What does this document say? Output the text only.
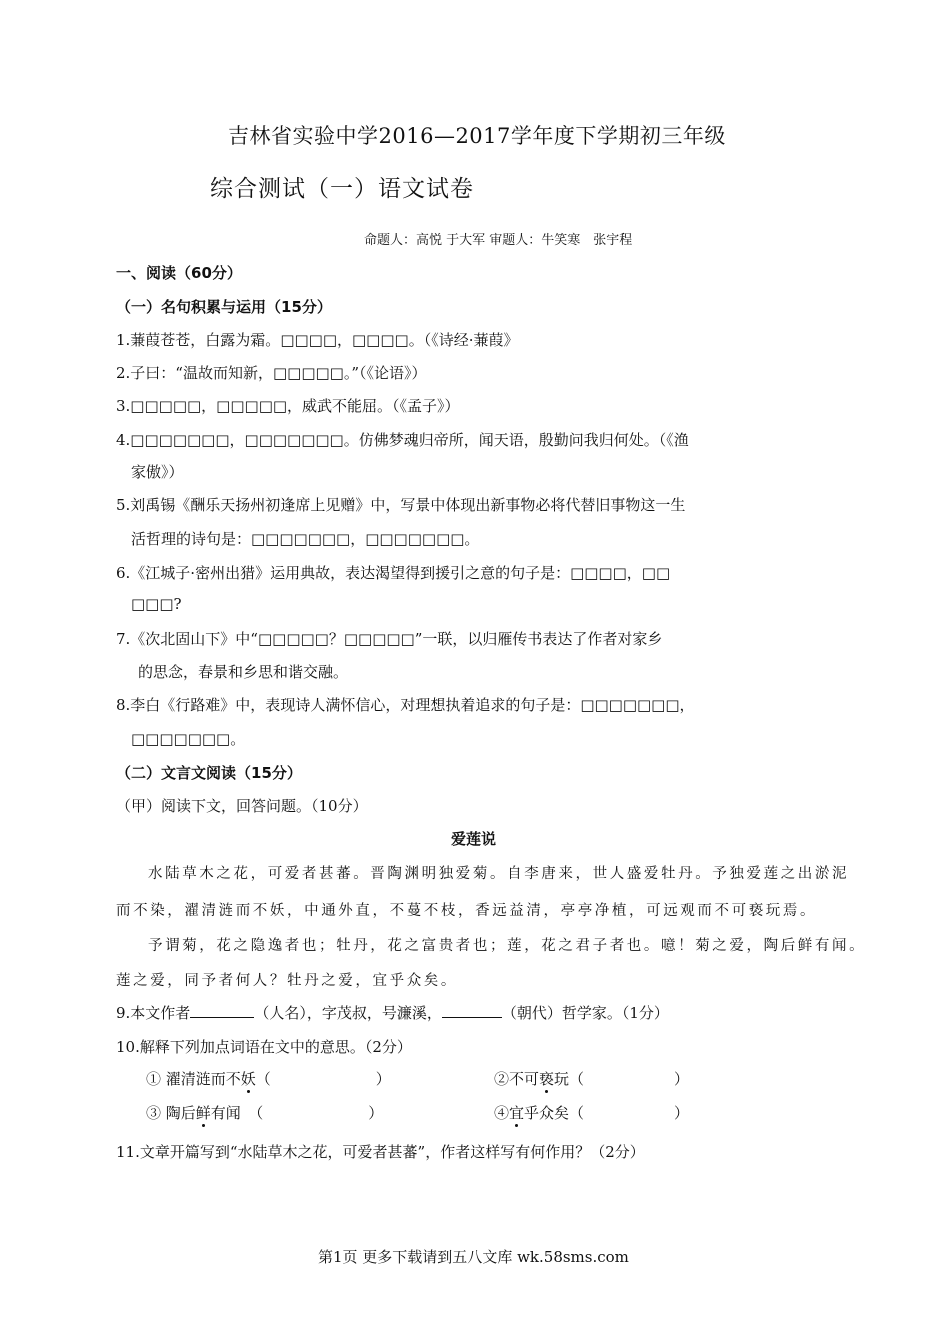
吉林省实验中学2016—2017学年度下学期初三年级
综合测试（一）语文试卷
命题人：高悦 于大军 审题人：牛笑寒　张宇程
一、阅读（60分）
（一）名句积累与运用（15分）
1.蒹葭苍苍，白露为霜。□□□□，□□□□。（《诗经·蒹葭》
2.子曰：“温故而知新，□□□□□。”（《论语》）
3.□□□□□，□□□□□，威武不能屈。（《孟子》）
4.□□□□□□□，□□□□□□□。仿佛梦魂归帝所，闻天语，殷勤问我归何处。（《渔
家傲》）
5.刘禹锡《酬乐天扬州初逢席上见赠》中，写景中体现出新事物必将代替旧事物这一生
活哲理的诗句是：□□□□□□□，□□□□□□□。
6.《江城子·密州出猎》运用典故，表达渴望得到援引之意的句子是：□□□□，□□
□□□?
7.《次北固山下》中“□□□□□？□□□□□”一联，以归雁传书表达了作者对家乡
的思念，春景和乡思和谐交融。
8.李白《行路难》中，表现诗人满怀信心，对理想执着追求的句子是：□□□□□□□，
□□□□□□□。
（二）文言文阅读（15分）
（甲）阅读下文，回答问题。（10分）
爱莲说
水陆草木之花，可爱者甚蕃。晋陶渊明独爱菊。自李唐来，世人盛爱牡丹。予独爱莲之出淤泥
而不染，濯清涟而不妖，中通外直，不蔓不枝，香远益清，亭亭净植，可远观而不可亵玩焉。
予谓菊，花之隐逸者也；牡丹，花之富贵者也；莲，花之君子者也。噫！菊之爱，陶后鲜有闻。
莲之爱，同予者何人？牡丹之爱，宜乎众矣。
9.本文作者	（人名），字茂叔，号濂溪，	（朝代）哲学家。（1分）
10.解释下列加点词语在文中的意思。（2分）
① 濯清涟而不妖（　　　　　　　）	②不可亵玩（　　　　　　）
③ 陶后鲜有闻　（　　　　　　　）	④宜乎众矣（　　　　　　）
11.文章开篇写到“水陆草木之花，可爱者甚蕃”，作者这样写有何作用？（2分）
第1页 更多下载请到五八文库 wk.58sms.com
